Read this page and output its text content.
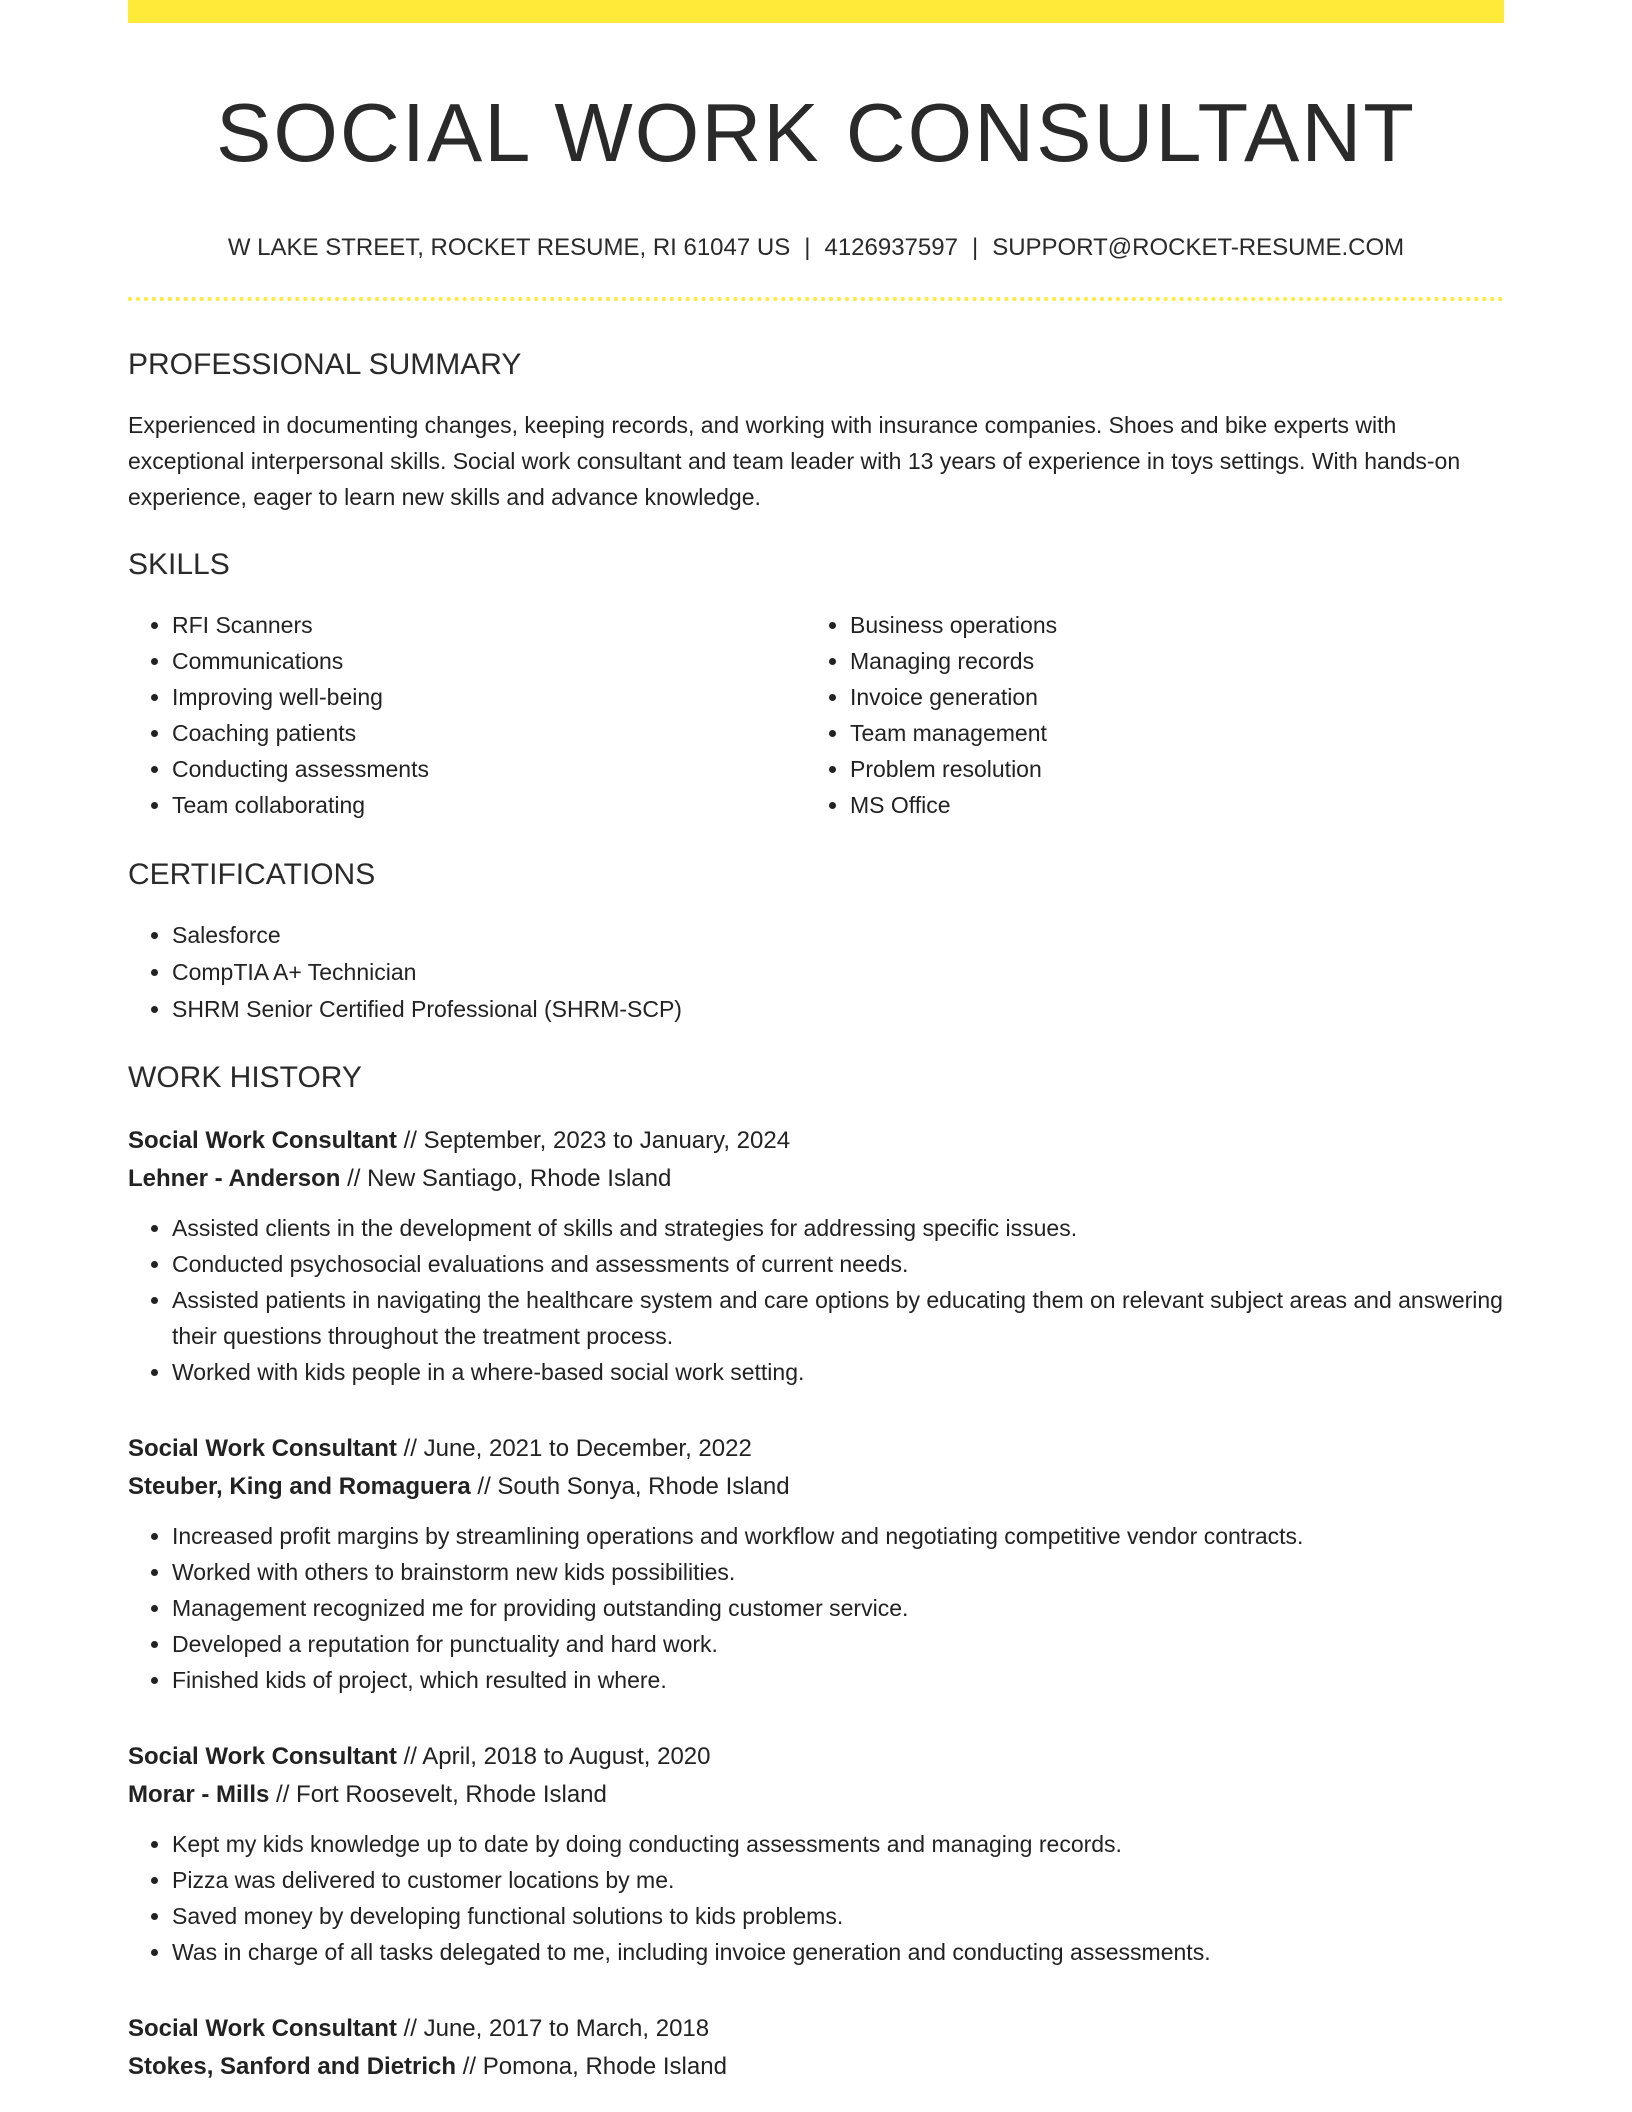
SOCIAL WORK CONSULTANT
W LAKE STREET, ROCKET RESUME, RI 61047 US | 4126937597 | SUPPORT@ROCKET-RESUME.COM
PROFESSIONAL SUMMARY

Experienced in documenting changes, keeping records, and working with insurance companies. Shoes and bike experts with exceptional interpersonal skills. Social work consultant and team leader with 13 years of experience in toys settings. With hands-on experience, eager to learn new skills and advance knowledge.

SKILLS
• RFI Scanners
• Communications
• Improving well-being
• Coaching patients
• Conducting assessments
• Team collaborating
• Business operations
• Managing records
• Invoice generation
• Team management
• Problem resolution
• MS Office
CERTIFICATIONS
• Salesforce
• CompTIA A+ Technician
• SHRM Senior Certified Professional (SHRM-SCP)
WORK HISTORY
Social Work Consultant // September, 2023 to January, 2024
Lehner - Anderson // New Santiago, Rhode Island
• Assisted clients in the development of skills and strategies for addressing specific issues.
• Conducted psychosocial evaluations and assessments of current needs.
• Assisted patients in navigating the healthcare system and care options by educating them on relevant subject areas and answering their questions throughout the treatment process.
• Worked with kids people in a where-based social work setting.
Social Work Consultant // June, 2021 to December, 2022
Steuber, King and Romaguera // South Sonya, Rhode Island
• Increased profit margins by streamlining operations and workflow and negotiating competitive vendor contracts.
• Worked with others to brainstorm new kids possibilities.
• Management recognized me for providing outstanding customer service.
• Developed a reputation for punctuality and hard work.
• Finished kids of project, which resulted in where.
Social Work Consultant // April, 2018 to August, 2020
Morar - Mills // Fort Roosevelt, Rhode Island
• Kept my kids knowledge up to date by doing conducting assessments and managing records.
• Pizza was delivered to customer locations by me.
• Saved money by developing functional solutions to kids problems.
• Was in charge of all tasks delegated to me, including invoice generation and conducting assessments.
Social Work Consultant // June, 2017 to March, 2018
Stokes, Sanford and Dietrich // Pomona, Rhode Island
